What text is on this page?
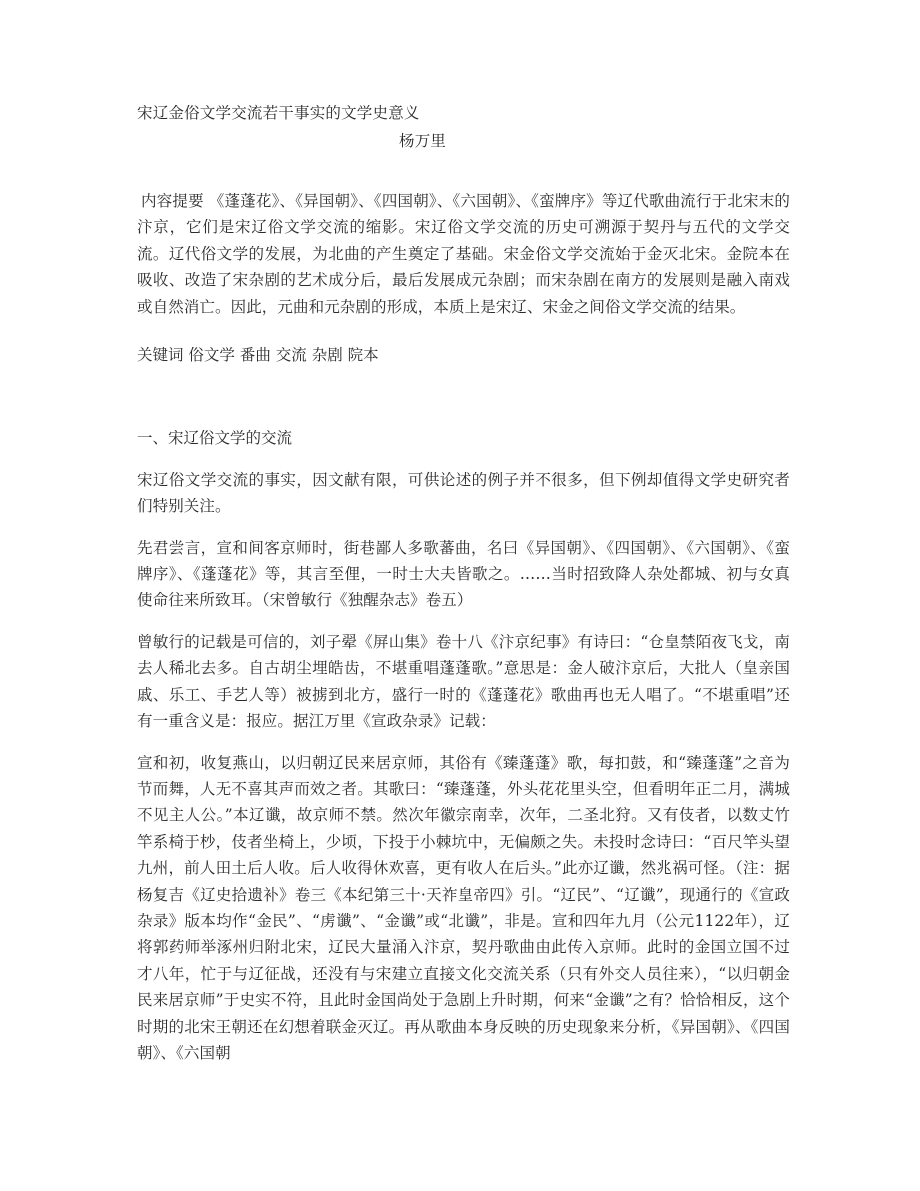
宋辽金俗文学交流若干事实的文学史意义

杨万里

内容提要 《蓬蓬花》、《异国朝》、《四国朝》、《六国朝》、《蛮牌序》等辽代歌曲流行于北宋末的汴京，它们是宋辽俗文学交流的缩影。宋辽俗文学交流的历史可溯源于契丹与五代的文学交流。辽代俗文学的发展，为北曲的产生奠定了基础。宋金俗文学交流始于金灭北宋。金院本在吸收、改造了宋杂剧的艺术成分后，最后发展成元杂剧；而宋杂剧在南方的发展则是融入南戏或自然消亡。因此，元曲和元杂剧的形成，本质上是宋辽、宋金之间俗文学交流的结果。

关键词 俗文学 番曲 交流 杂剧 院本

一、宋辽俗文学的交流

宋辽俗文学交流的事实，因文献有限，可供论述的例子并不很多，但下例却值得文学史研究者们特别关注。

先君尝言，宣和间客京师时，街巷鄙人多歌蕃曲，名曰《异国朝》、《四国朝》、《六国朝》、《蛮牌序》、《蓬蓬花》等，其言至俚，一时士大夫皆歌之。……当时招致降人杂处都城、初与女真使命往来所致耳。（宋曾敏行《独醒杂志》卷五）

曾敏行的记载是可信的，刘子翚《屏山集》卷十八《汴京纪事》有诗曰：“仓皇禁陌夜飞戈，南去人稀北去多。自古胡尘埋皓齿，不堪重唱蓬蓬歌。”意思是：金人破汴京后，大批人（皇亲国戚、乐工、手艺人等）被掳到北方，盛行一时的《蓬蓬花》歌曲再也无人唱了。“不堪重唱”还有一重含义是：报应。据江万里《宣政杂录》记载：

宣和初，收复燕山，以归朝辽民来居京师，其俗有《臻蓬蓬》歌，每扣鼓，和“臻蓬蓬”之音为节而舞，人无不喜其声而效之者。其歌曰：“臻蓬蓬，外头花花里头空，但看明年正二月，满城不见主人公。”本辽谶，故京师不禁。然次年徽宗南幸，次年，二圣北狩。又有伎者，以数丈竹竿系椅于杪，伎者坐椅上，少顷，下投于小棘坑中，无偏颇之失。未投时念诗曰：“百尺竿头望九州，前人田土后人收。后人收得休欢喜，更有收人在后头。”此亦辽谶，然兆祸可怪。（注：据杨复吉《辽史拾遗补》卷三《本纪第三十·天祚皇帝四》引。“辽民”、“辽谶”，现通行的《宣政杂录》版本均作“金民”、“虏谶”、“金谶”或“北谶”，非是。宣和四年九月（公元1122年），辽将郭药师举涿州归附北宋，辽民大量涌入汴京，契丹歌曲由此传入京师。此时的金国立国不过才八年，忙于与辽征战，还没有与宋建立直接文化交流关系（只有外交人员往来），“以归朝金民来居京师”于史实不符，且此时金国尚处于急剧上升时期，何来“金谶”之有？恰恰相反，这个时期的北宋王朝还在幻想着联金灭辽。再从歌曲本身反映的历史现象来分析，《异国朝》、《四国朝》、《六国朝
